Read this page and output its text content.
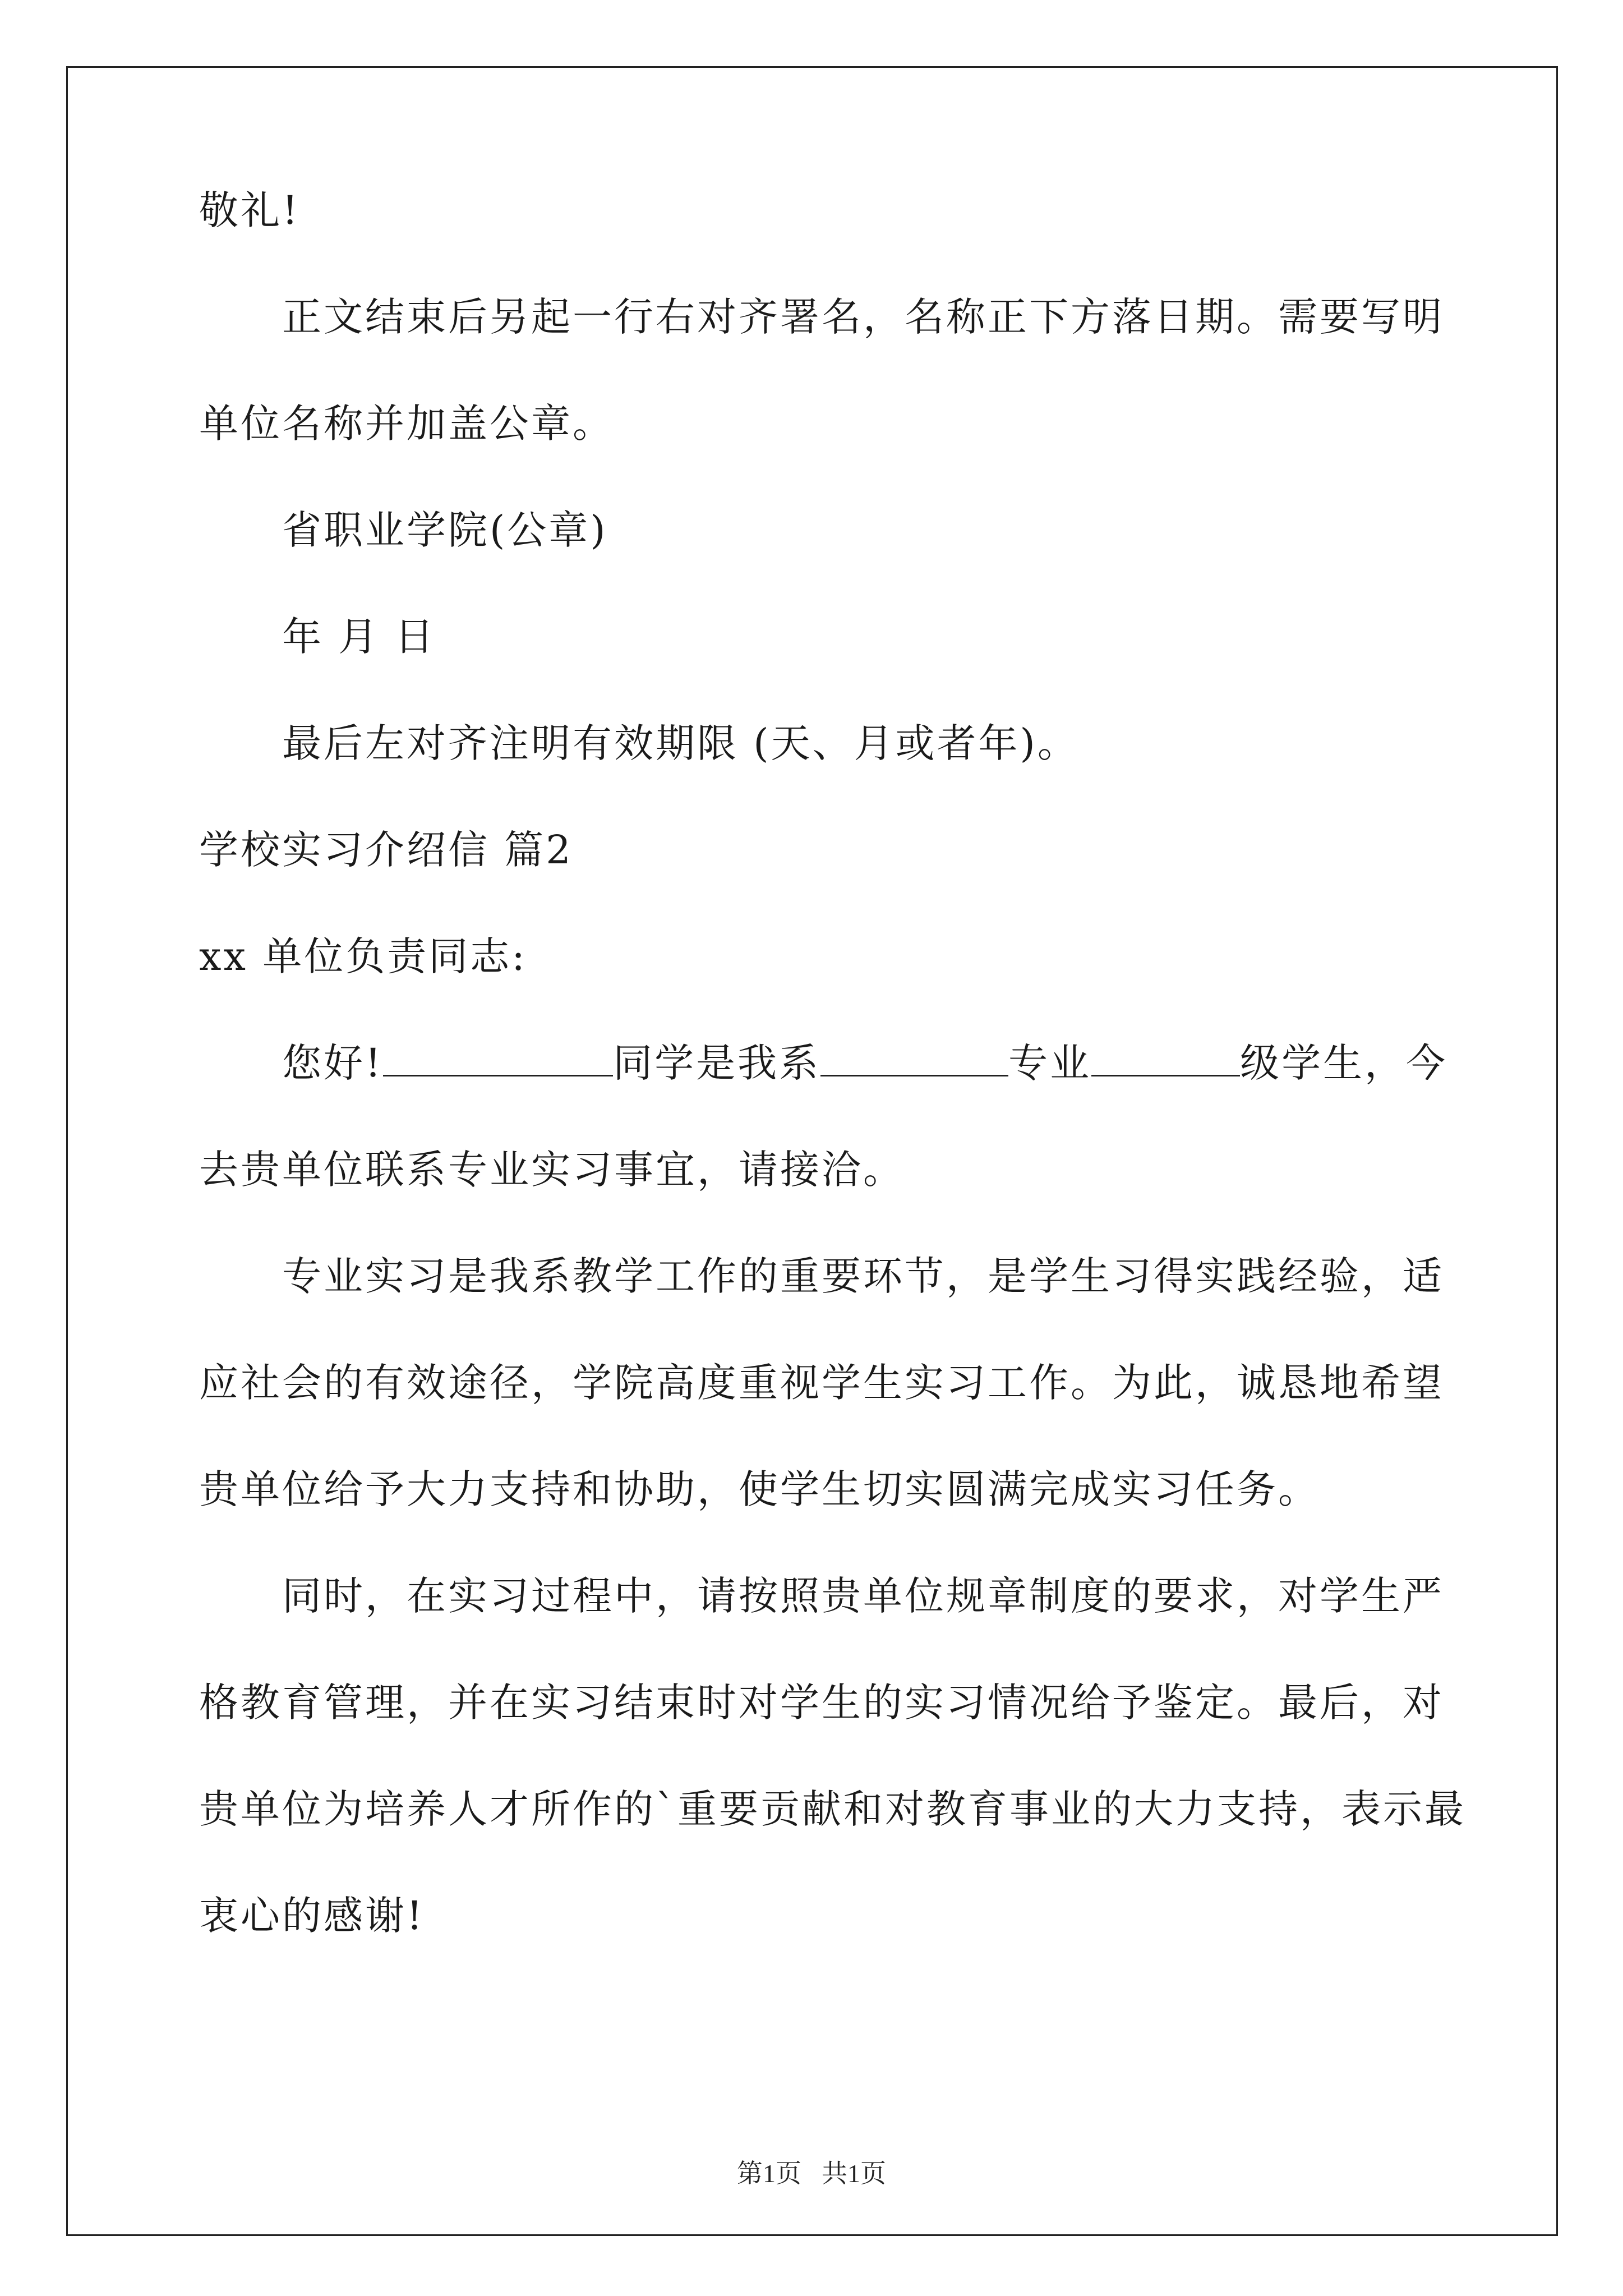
敬礼!
正文结束后另起一行右对齐署名，名称正下方落日期。需要写明
单位名称并加盖公章。
省职业学院(公章)
年 月 日
最后左对齐注明有效期限 (天、月或者年)。
学校实习介绍信 篇2
xx 单位负责同志:
您好!	同学是我系	专业	级学生，今
去贵单位联系专业实习事宜，请接洽。
专业实习是我系教学工作的重要环节，是学生习得实践经验，适
应社会的有效途径，学院高度重视学生实习工作。为此，诚恳地希望
贵单位给予大力支持和协助，使学生切实圆满完成实习任务。
同时，在实习过程中，请按照贵单位规章制度的要求，对学生严
格教育管理，并在实习结束时对学生的实习情况给予鉴定。最后，对
贵单位为培养人才所作的`重要贡献和对教育事业的大力支持，表示最
衷心的感谢!
第1页 共1页
